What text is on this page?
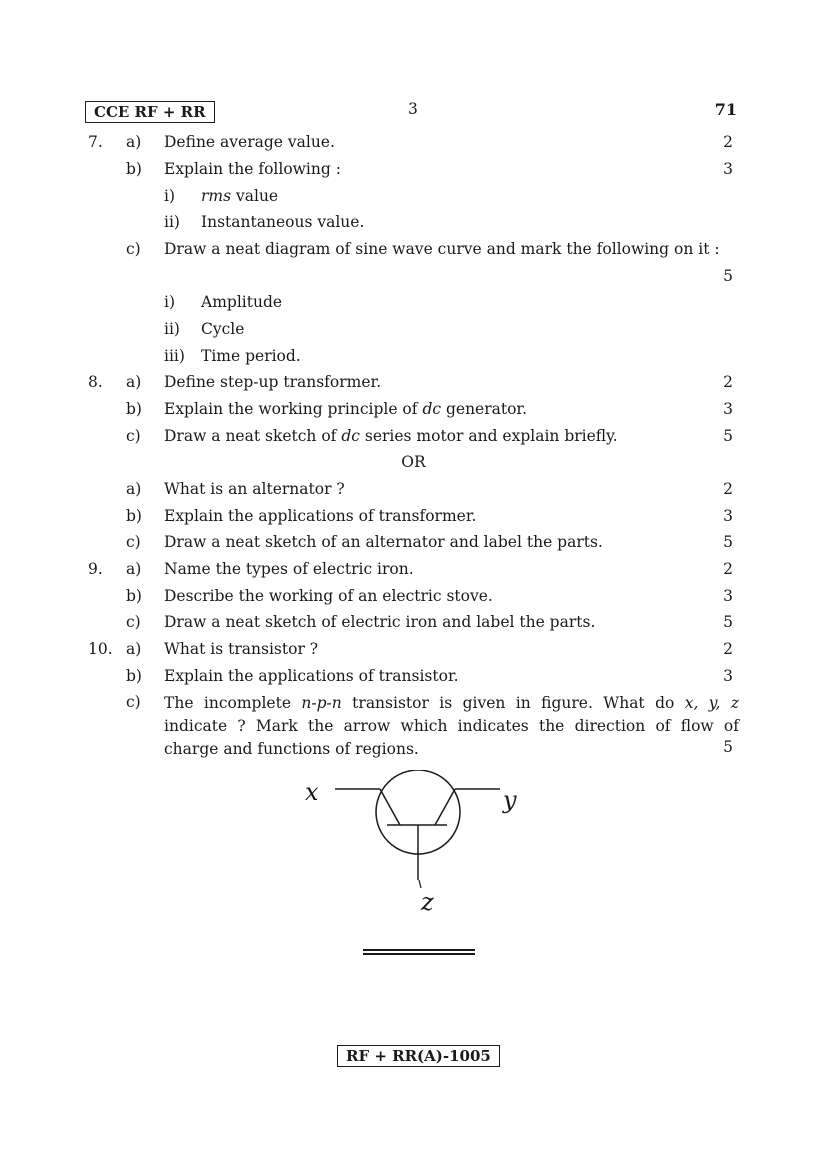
CCE RF + RR	3	71
7. a) Define average value.	2
b) Explain the following :	3
i) rms value
ii) Instantaneous value.
c) Draw a neat diagram of sine wave curve and mark the following on it :
5
i) Amplitude
ii) Cycle
iii) Time period.
8. a) Define step-up transformer.	2
b) Explain the working principle of dc generator.	3
c) Draw a neat sketch of dc series motor and explain briefly.	5
OR
a) What is an alternator ?	2
b) Explain the applications of transformer.	3
c) Draw a neat sketch of an alternator and label the parts.	5
9. a) Name the types of electric iron.	2
b) Describe the working of an electric stove.	3
c) Draw a neat sketch of electric iron and label the parts.	5
10. a) What is transistor ?	2
b) Explain the applications of transistor.	3
c) The incomplete n-p-n transistor is given in figure. What do x, y, z indicate ? Mark the arrow which indicates the direction of flow of charge and functions of regions.	5
x	y
z
RF + RR(A)-1005
